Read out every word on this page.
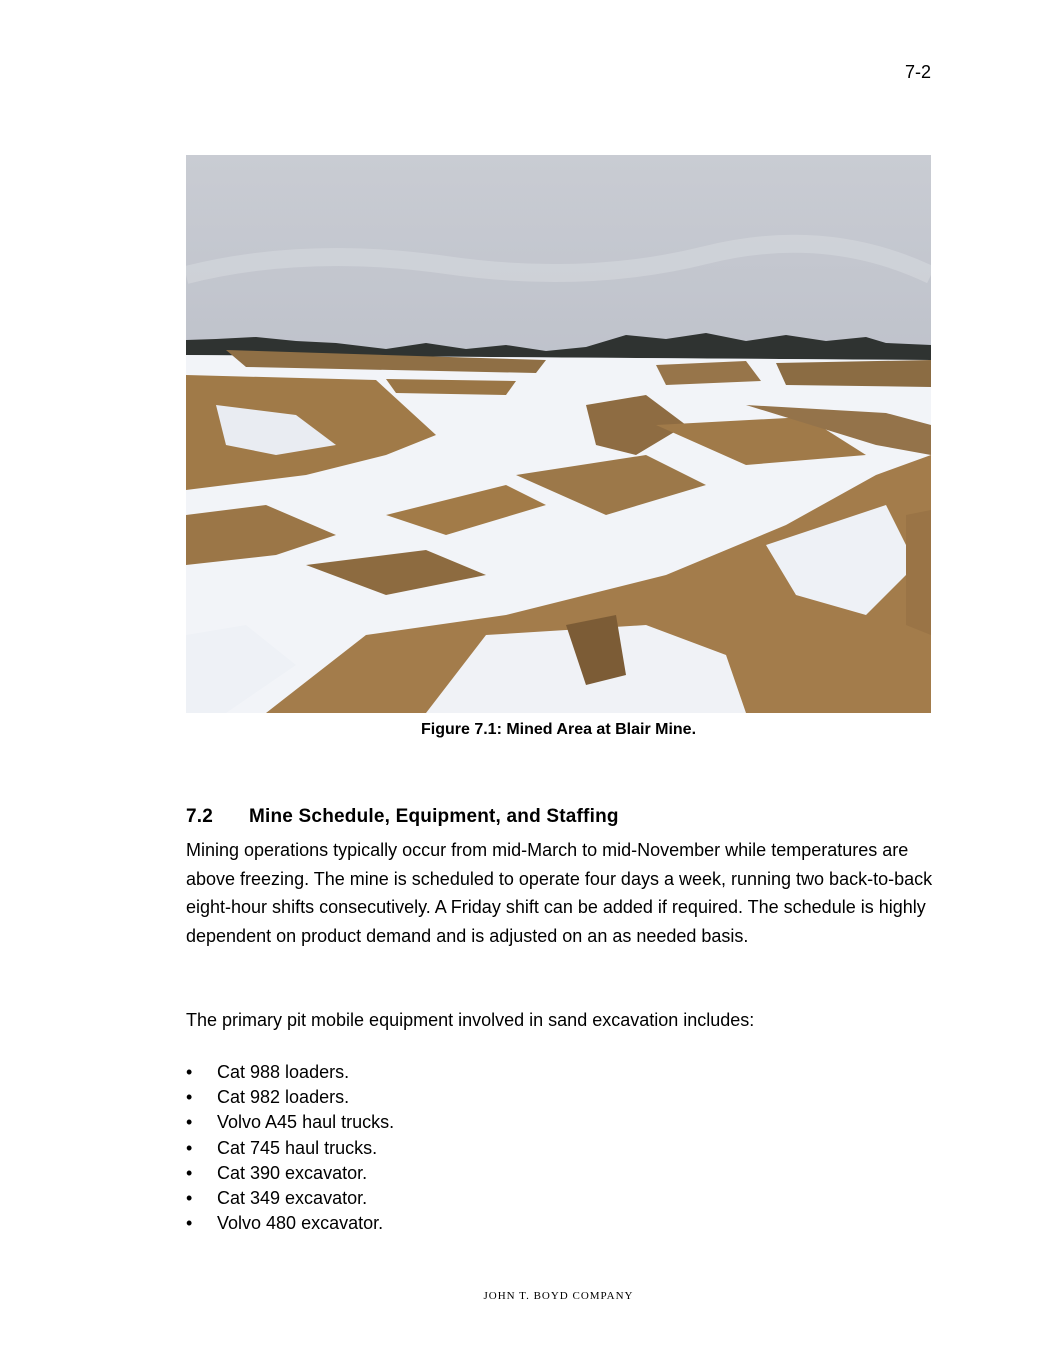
7-2
Figure 7.1: Mined Area at Blair Mine.
7.2 Mine Schedule, Equipment, and Staffing

Mining operations typically occur from mid-March to mid-November while temperatures are above freezing. The mine is scheduled to operate four days a week, running two back-to-back eight-hour shifts consecutively. A Friday shift can be added if required. The schedule is highly dependent on product demand and is adjusted on an as needed basis.

The primary pit mobile equipment involved in sand excavation includes:

• Cat 988 loaders.
• Cat 982 loaders.
• Volvo A45 haul trucks.
• Cat 745 haul trucks.
• Cat 390 excavator.
• Cat 349 excavator.
• Volvo 480 excavator.
JOHN T. BOYD COMPANY
